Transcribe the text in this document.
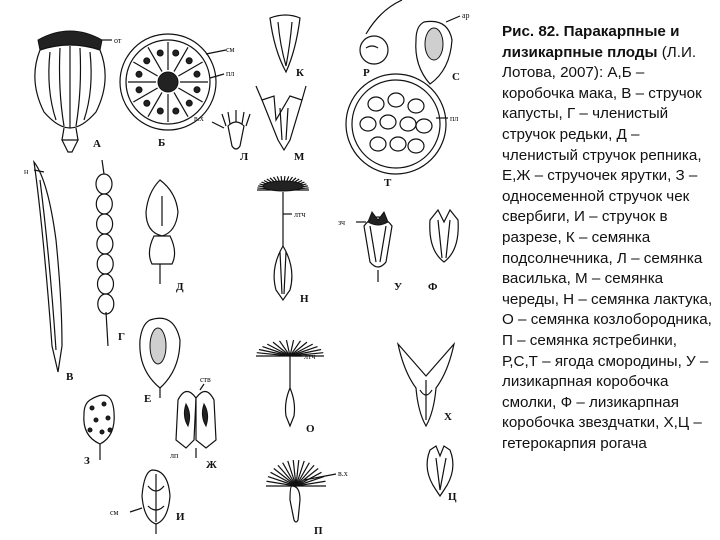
от
А
см
пл
Б
К
в.х
Л	М
Р
ар
С
пл
Т
н
В
Г
Д
лтч
Н
зч
У Ф
Е
ств
лп
Ж
З
см	И
лтч
О
Х
Ц
в.х
П
Рис. 82. Паракарпные и лизикарпные плоды (Л.И. Лотова, 2007): А,Б – коробочка мака, В – стручок капусты, Г – членистый стручок редьки, Д – членистый стручок репника, Е,Ж – стручочек ярутки, З – односеменной стручок чек свербиги, И – стручок в разрезе, К – семянка подсолнечника, Л – семянка василька, М – семянка череды, Н – семянка лактука, О – семянка козлобородника, П – семянка ястребинки, Р,С,Т – ягода смородины, У – лизикарпная коробочка смолки, Ф – лизикарпная коробочка звездчатки, Х,Ц – гетерокарпия рогача
